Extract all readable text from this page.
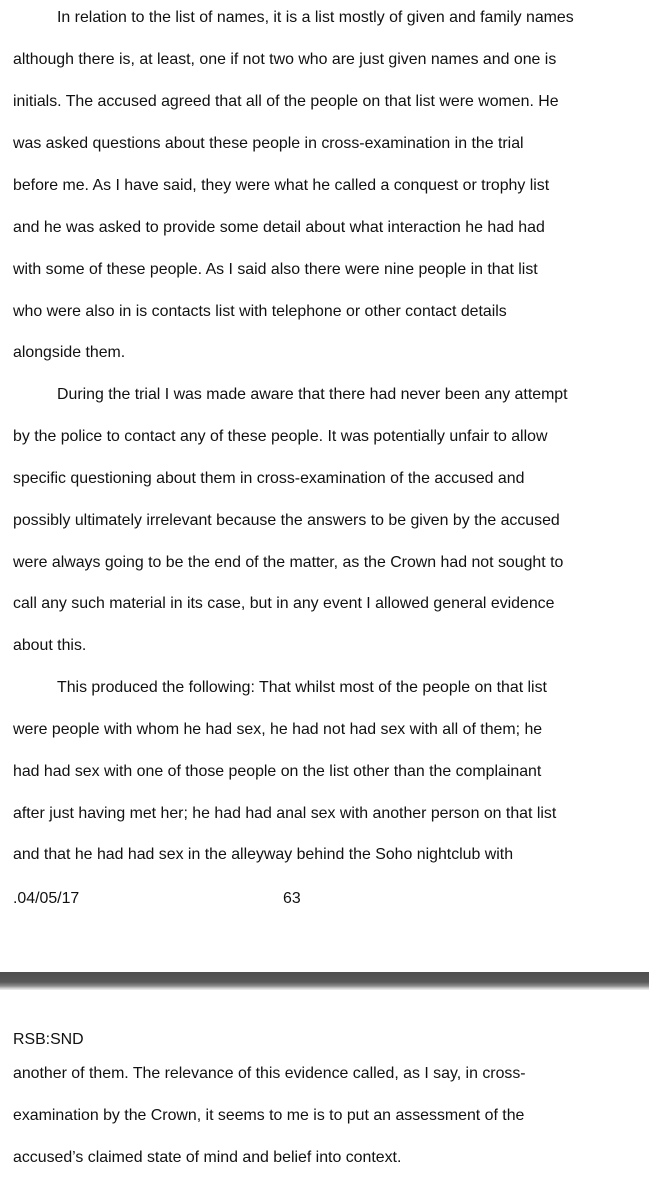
In relation to the list of names, it is a list mostly of given and family names
although there is, at least, one if not two who are just given names and one is
initials. The accused agreed that all of the people on that list were women. He
was asked questions about these people in cross-examination in the trial
before me. As I have said, they were what he called a conquest or trophy list
and he was asked to provide some detail about what interaction he had had
with some of these people. As I said also there were nine people in that list
who were also in is contacts list with telephone or other contact details
alongside them.
During the trial I was made aware that there had never been any attempt
by the police to contact any of these people. It was potentially unfair to allow
specific questioning about them in cross-examination of the accused and
possibly ultimately irrelevant because the answers to be given by the accused
were always going to be the end of the matter, as the Crown had not sought to
call any such material in its case, but in any event I allowed general evidence
about this.
This produced the following: That whilst most of the people on that list
were people with whom he had sex, he had not had sex with all of them; he
had had sex with one of those people on the list other than the complainant
after just having met her; he had had anal sex with another person on that list
and that he had had sex in the alleyway behind the Soho nightclub with
.04/05/17	63
RSB:SND
another of them. The relevance of this evidence called, as I say, in cross-
examination by the Crown, it seems to me is to put an assessment of the
accused’s claimed state of mind and belief into context.
